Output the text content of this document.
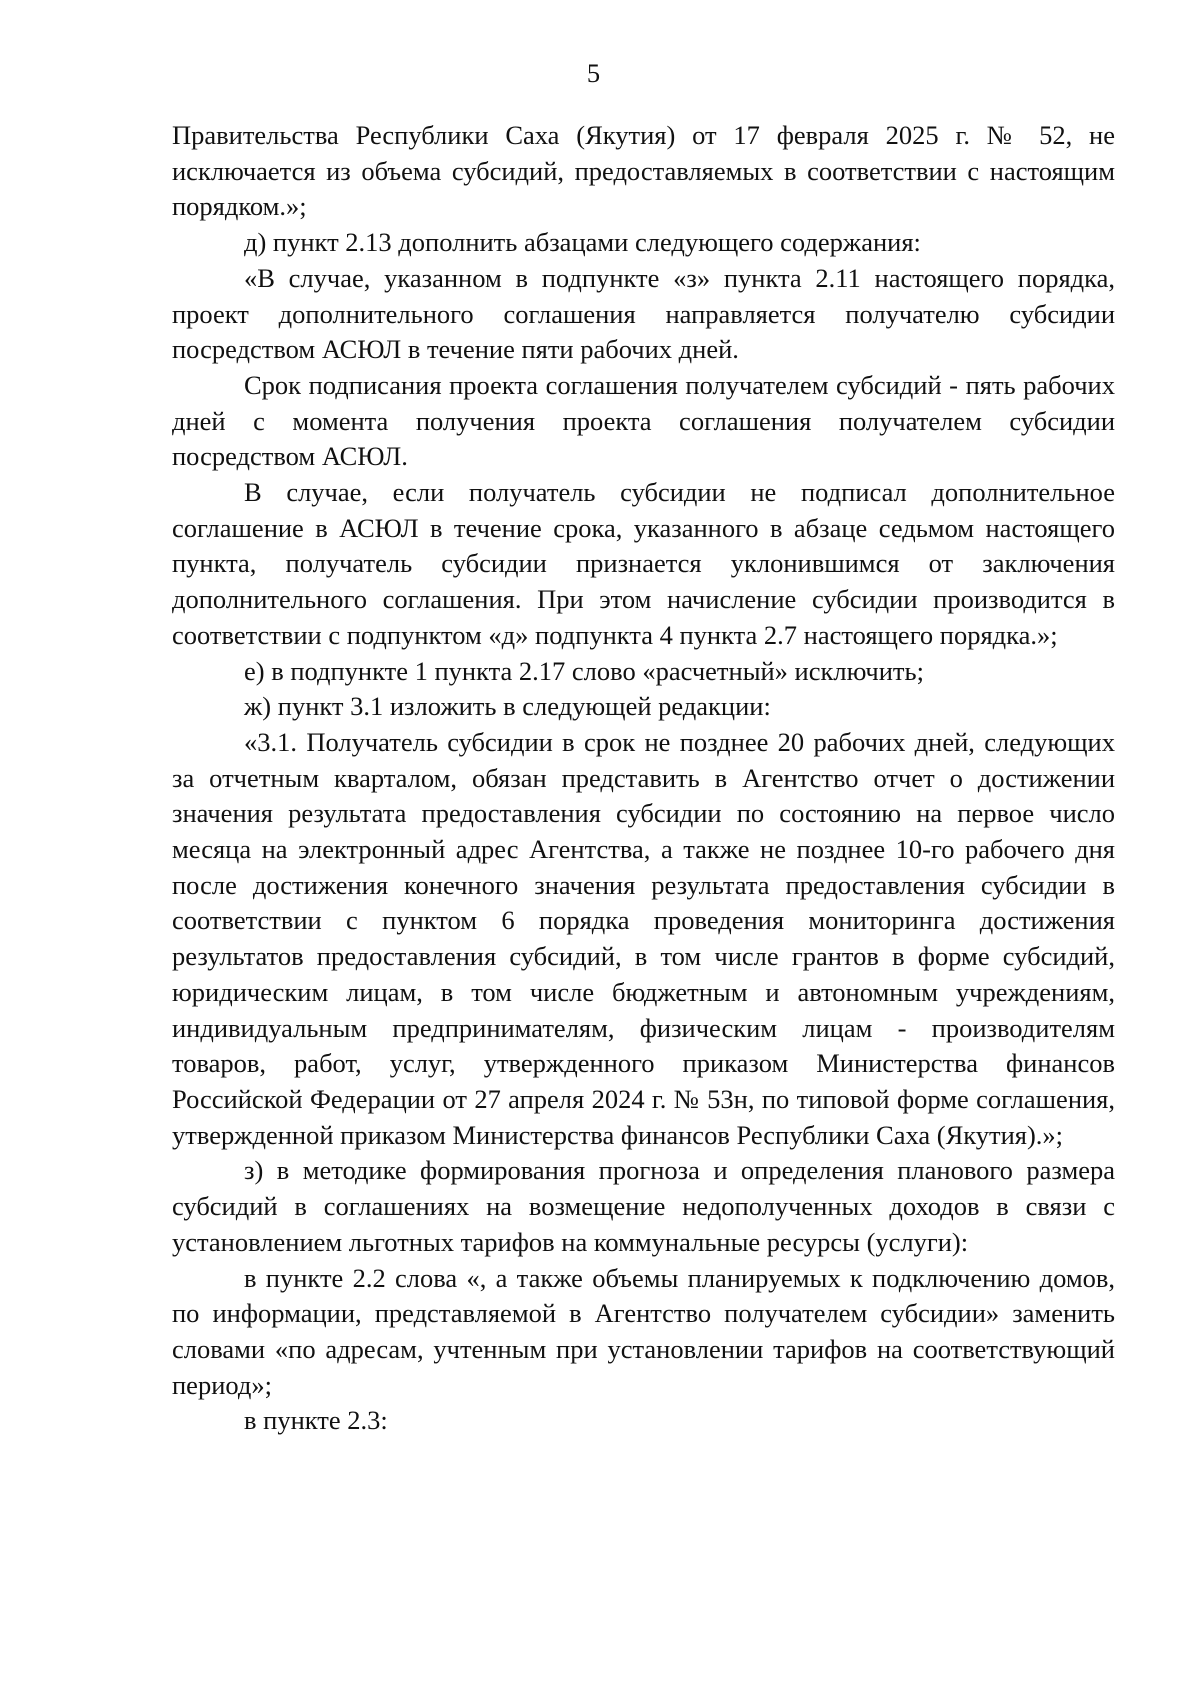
5

Правительства Республики Саха (Якутия) от 17 февраля 2025 г. № 52, не исключается из объема субсидий, предоставляемых в соответствии с настоящим порядком.»;

д) пункт 2.13 дополнить абзацами следующего содержания:

«В случае, указанном в подпункте «з» пункта 2.11 настоящего порядка, проект дополнительного соглашения направляется получателю субсидии посредством АСЮЛ в течение пяти рабочих дней.

Срок подписания проекта соглашения получателем субсидий - пять рабочих дней с момента получения проекта соглашения получателем субсидии посредством АСЮЛ.

В случае, если получатель субсидии не подписал дополнительное соглашение в АСЮЛ в течение срока, указанного в абзаце седьмом настоящего пункта, получатель субсидии признается уклонившимся от заключения дополнительного соглашения. При этом начисление субсидии производится в соответствии с подпунктом «д» подпункта 4 пункта 2.7 настоящего порядка.»;

е) в подпункте 1 пункта 2.17 слово «расчетный» исключить;

ж) пункт 3.1 изложить в следующей редакции:

«3.1. Получатель субсидии в срок не позднее 20 рабочих дней, следующих за отчетным кварталом, обязан представить в Агентство отчет о достижении значения результата предоставления субсидии по состоянию на первое число месяца на электронный адрес Агентства, а также не позднее 10-го рабочего дня после достижения конечного значения результата предоставления субсидии в соответствии с пунктом 6 порядка проведения мониторинга достижения результатов предоставления субсидий, в том числе грантов в форме субсидий, юридическим лицам, в том числе бюджетным и автономным учреждениям, индивидуальным предпринимателям, физическим лицам - производителям товаров, работ, услуг, утвержденного приказом Министерства финансов Российской Федерации от 27 апреля 2024 г. № 53н, по типовой форме соглашения, утвержденной приказом Министерства финансов Республики Саха (Якутия).»;

з) в методике формирования прогноза и определения планового размера субсидий в соглашениях на возмещение недополученных доходов в связи с установлением льготных тарифов на коммунальные ресурсы (услуги):

в пункте 2.2 слова «, а также объемы планируемых к подключению домов, по информации, представляемой в Агентство получателем субсидии» заменить словами «по адресам, учтенным при установлении тарифов на соответствующий период»;

в пункте 2.3:
